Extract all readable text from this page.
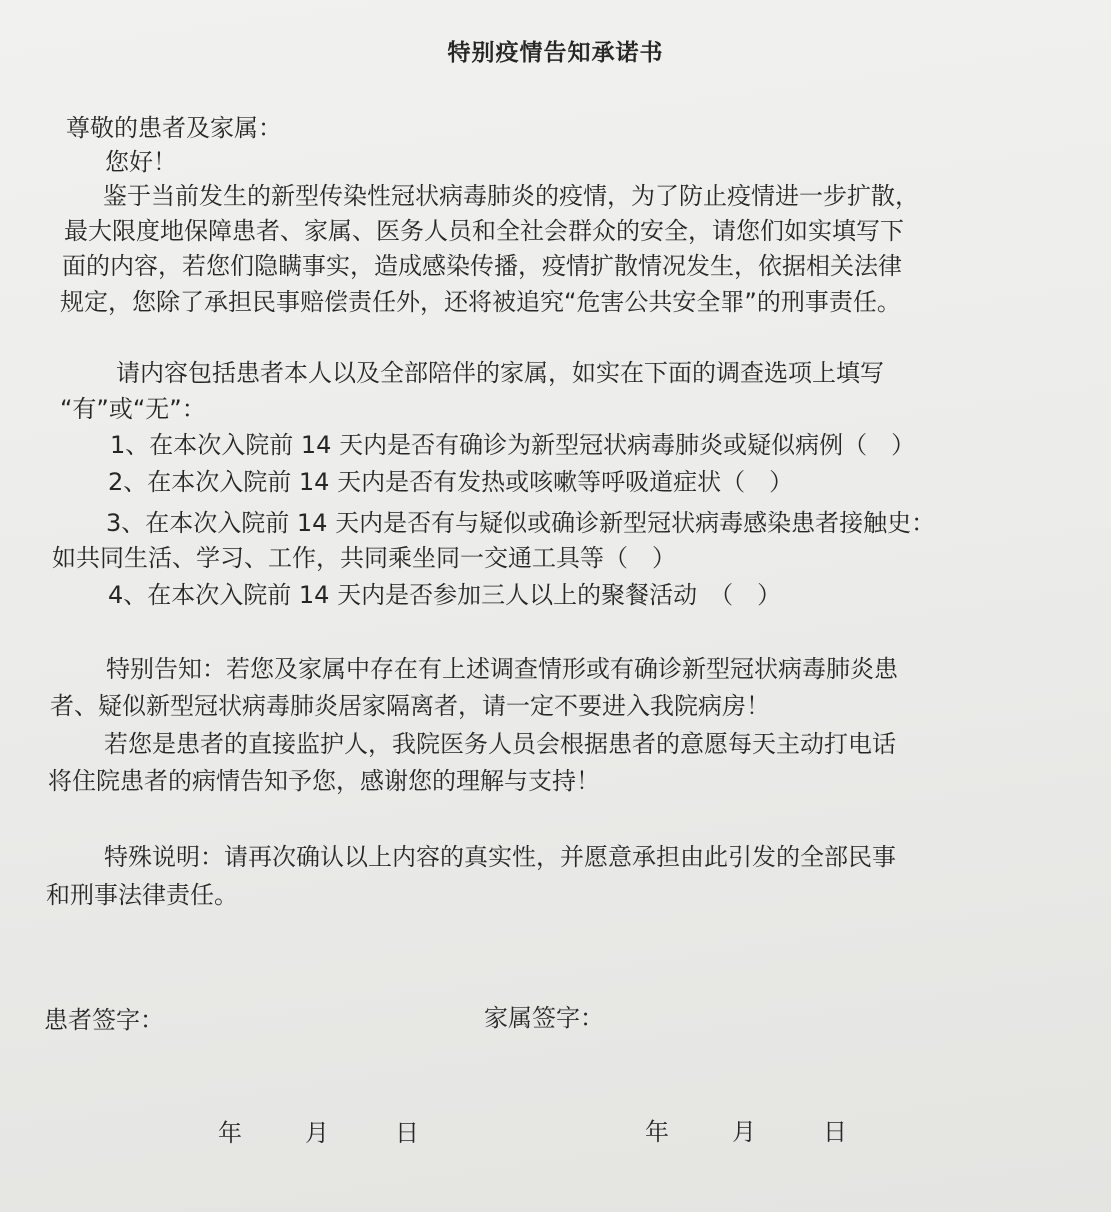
特别疫情告知承诺书
尊敬的患者及家属：
您好！
鉴于当前发生的新型传染性冠状病毒肺炎的疫情，为了防止疫情进一步扩散，
最大限度地保障患者、家属、医务人员和全社会群众的安全，请您们如实填写下
面的内容，若您们隐瞒事实，造成感染传播，疫情扩散情况发生，依据相关法律
规定，您除了承担民事赔偿责任外，还将被追究“危害公共安全罪”的刑事责任。
请内容包括患者本人以及全部陪伴的家属，如实在下面的调查选项上填写
“有”或“无”：
1、在本次入院前 14 天内是否有确诊为新型冠状病毒肺炎或疑似病例（　）
2、在本次入院前 14 天内是否有发热或咳嗽等呼吸道症状（　）
3、在本次入院前 14 天内是否有与疑似或确诊新型冠状病毒感染患者接触史：
如共同生活、学习、工作，共同乘坐同一交通工具等（　）
4、在本次入院前 14 天内是否参加三人以上的聚餐活动　（　）
特别告知：若您及家属中存在有上述调查情形或有确诊新型冠状病毒肺炎患
者、疑似新型冠状病毒肺炎居家隔离者，请一定不要进入我院病房！
若您是患者的直接监护人，我院医务人员会根据患者的意愿每天主动打电话
将住院患者的病情告知予您，感谢您的理解与支持！
特殊说明：请再次确认以上内容的真实性，并愿意承担由此引发的全部民事
和刑事法律责任。
患者签字：	家属签字：
年	月	日	年	月	日
